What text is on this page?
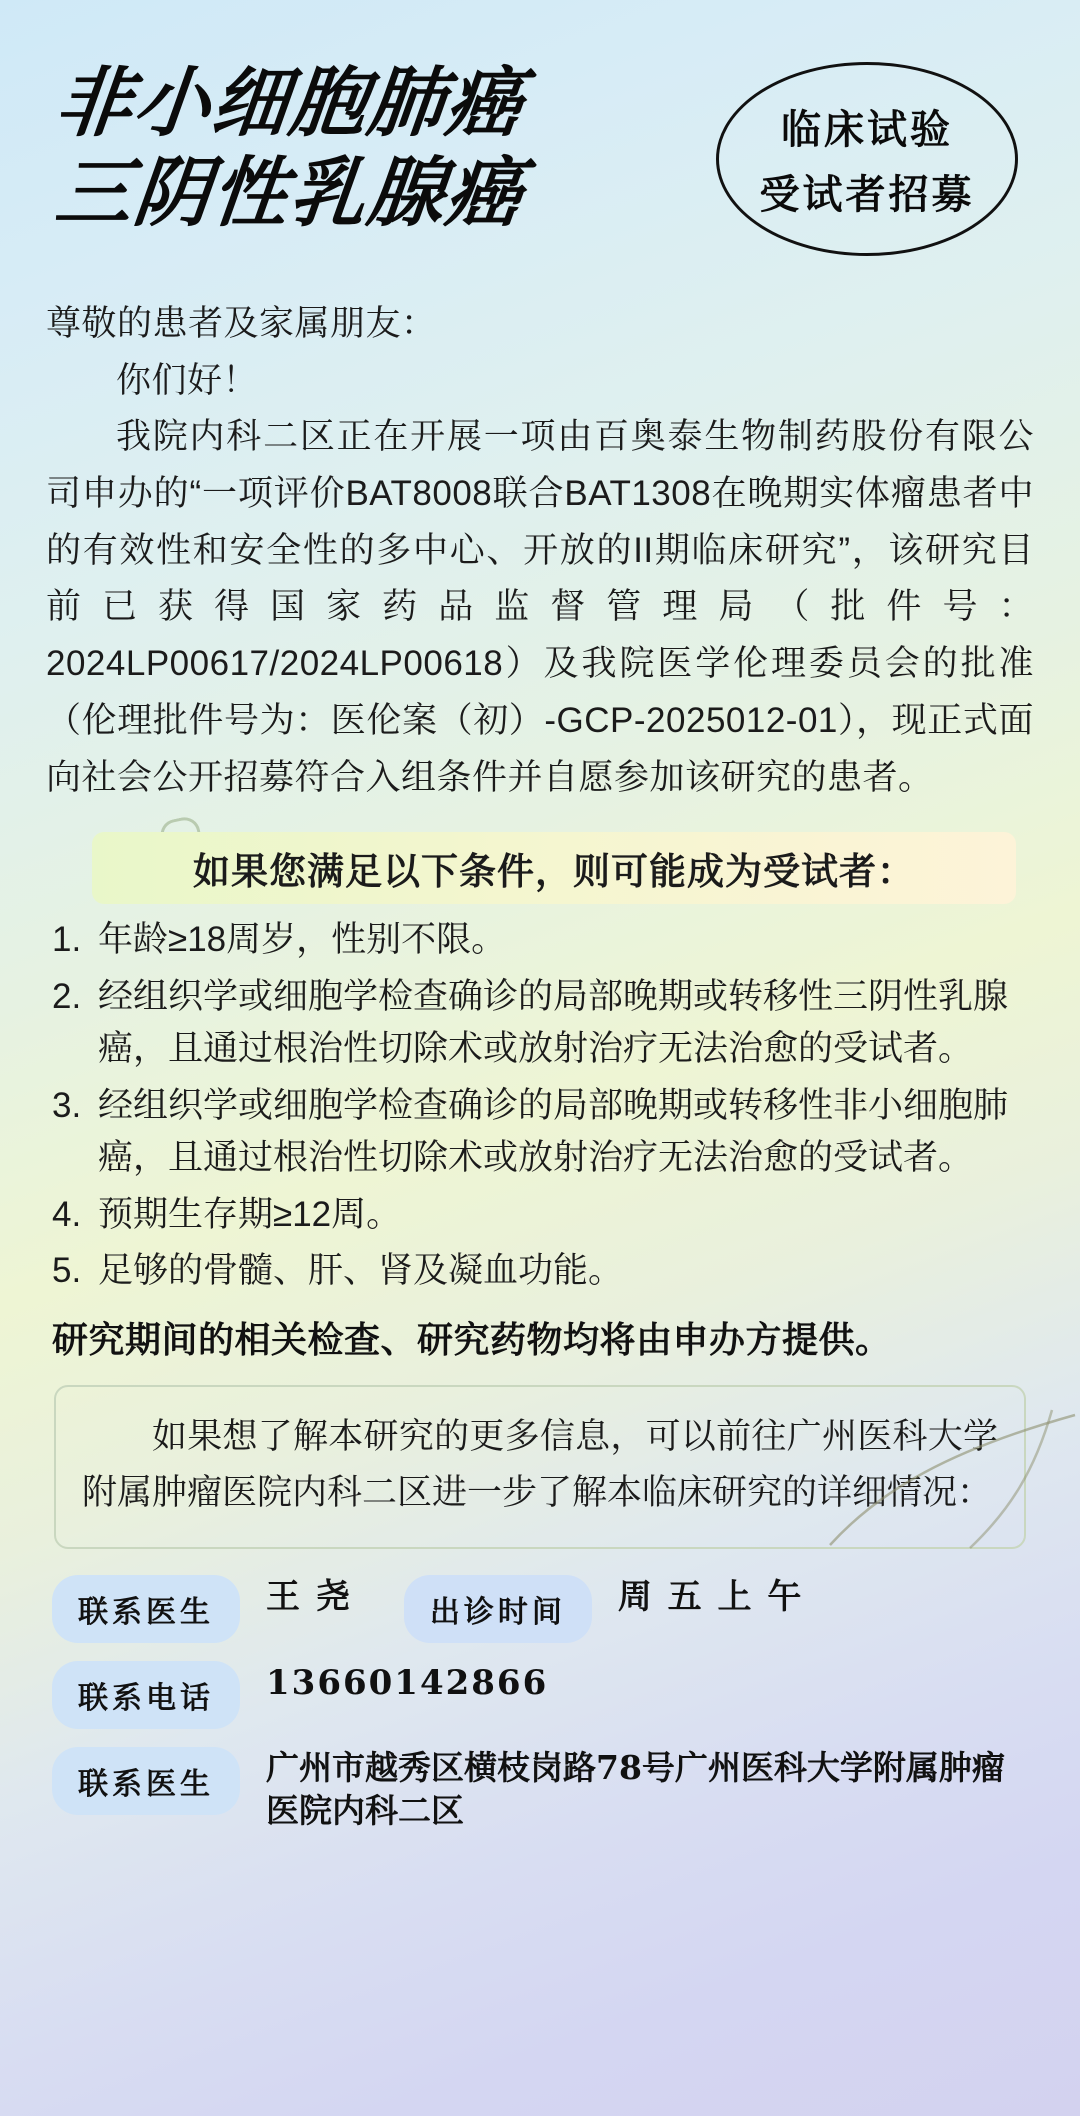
非小细胞肺癌
三阴性乳腺癌
临床试验
受试者招募

尊敬的患者及家属朋友：

你们好！

我院内科二区正在开展一项由百奥泰生物制药股份有限公司申办的“一项评价BAT8008联合BAT1308在晚期实体瘤患者中的有效性和安全性的多中心、开放的II期临床研究”，该研究目前已获得国家药品监督管理局（批件号：2024LP00617/2024LP00618）及我院医学伦理委员会的批准（伦理批件号为：医伦案（初）-GCP-2025012-01），现正式面向社会公开招募符合入组条件并自愿参加该研究的患者。

如果您满足以下条件，则可能成为受试者：
1. 年龄≥18周岁，性别不限。
2. 经组织学或细胞学检查确诊的局部晚期或转移性三阴性乳腺癌，且通过根治性切除术或放射治疗无法治愈的受试者。
3. 经组织学或细胞学检查确诊的局部晚期或转移性非小细胞肺癌，且通过根治性切除术或放射治疗无法治愈的受试者。
4. 预期生存期≥12周。
5. 足够的骨髓、肝、肾及凝血功能。
研究期间的相关检查、研究药物均将由申办方提供。

如果想了解本研究的更多信息，可以前往广州医科大学附属肿瘤医院内科二区进一步了解本临床研究的详细情况：

联系医生	王 尧	出诊时间	周 五 上 午
联系电话	13660142866
联系医生	广州市越秀区横枝岗路78号广州医科大学附属肿瘤医院内科二区
